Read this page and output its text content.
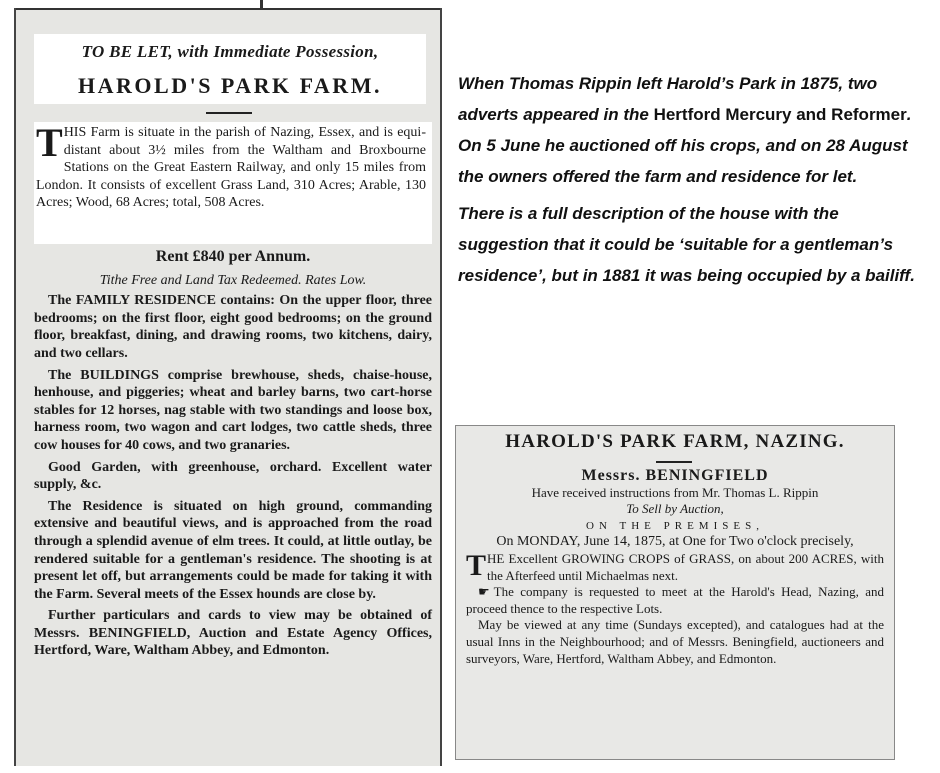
TO BE LET, with Immediate Possession,
HAROLD'S PARK FARM.
THIS Farm is situate in the parish of Nazing, Essex, and is equi-distant about 3½ miles from the Waltham and Broxbourne Stations on the Great Eastern Railway, and only 15 miles from London. It consists of excellent Grass Land, 310 Acres; Arable, 130 Acres; Wood, 68 Acres; total, 508 Acres.
Rent £840 per Annum.
Tithe Free and Land Tax Redeemed. Rates Low.

The FAMILY RESIDENCE contains: On the upper floor, three bedrooms; on the first floor, eight good bedrooms; on the ground floor, breakfast, dining, and drawing rooms, two kitchens, dairy, and two cellars.

The BUILDINGS comprise brewhouse, sheds, chaise-house, henhouse, and piggeries; wheat and barley barns, two cart-horse stables for 12 horses, nag stable with two standings and loose box, harness room, two wagon and cart lodges, two cattle sheds, three cow houses for 40 cows, and two granaries.

Good Garden, with greenhouse, orchard. Excellent water supply, &c.

The Residence is situated on high ground, commanding extensive and beautiful views, and is approached from the road through a splendid avenue of elm trees. It could, at little outlay, be rendered suitable for a gentleman's residence. The shooting is at present let off, but arrangements could be made for taking it with the Farm. Several meets of the Essex hounds are close by.

Further particulars and cards to view may be obtained of Messrs. BENINGFIELD, Auction and Estate Agency Offices, Hertford, Ware, Waltham Abbey, and Edmonton.

When Thomas Rippin left Harold’s Park in 1875, two adverts appeared in the Hertford Mercury and Reformer. On 5 June he auctioned off his crops, and on 28 August the owners offered the farm and residence for let.

There is a full description of the house with the suggestion that it could be ‘suitable for a gentleman’s residence’, but in 1881 it was being occupied by a bailiff.

HAROLD'S PARK FARM, NAZING.
Messrs. BENINGFIELD
Have received instructions from Mr. Thomas L. Rippin
To Sell by Auction,
ON THE PREMISES,
On MONDAY, June 14, 1875, at One for Two o'clock precisely,

THE Excellent GROWING CROPS of GRASS, on about 200 ACRES, with the Afterfeed until Michaelmas next.

☛ The company is requested to meet at the Harold's Head, Nazing, and proceed thence to the respective Lots.

May be viewed at any time (Sundays excepted), and catalogues had at the usual Inns in the Neighbourhood; and of Messrs. Beningfield, auctioneers and surveyors, Ware, Hertford, Waltham Abbey, and Edmonton.
